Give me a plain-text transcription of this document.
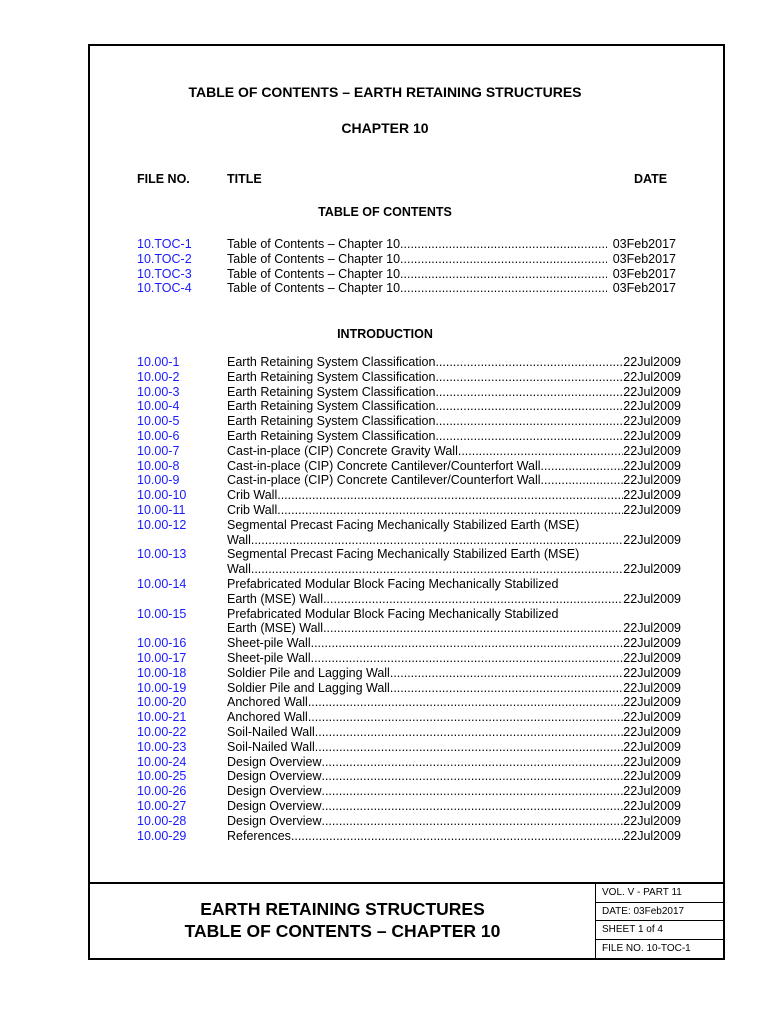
EARTH RETAINING STRUCTURES
TABLE OF CONTENTS – CHAPTER 10
VOL. V - PART 11
DATE: 03Feb2017
SHEET 1 of 4
FILE NO. 10-TOC-1
TABLE OF CONTENTS – EARTH RETAINING STRUCTURES
CHAPTER 10
FILE NO.	TITLE	DATE
TABLE OF CONTENTS
10.TOC-1	Table of Contents – Chapter 10 .....	03Feb2017
10.TOC-2	Table of Contents – Chapter 10 .....	03Feb2017
10.TOC-3	Table of Contents – Chapter 10 .....	03Feb2017
10.TOC-4	Table of Contents – Chapter 10 .....	03Feb2017
INTRODUCTION
10.00-1	Earth Retaining System Classification .....	22Jul2009
10.00-2	Earth Retaining System Classification .....	22Jul2009
10.00-3	Earth Retaining System Classification .....	22Jul2009
10.00-4	Earth Retaining System Classification .....	22Jul2009
10.00-5	Earth Retaining System Classification .....	22Jul2009
10.00-6	Earth Retaining System Classification .....	22Jul2009
10.00-7	Cast-in-place (CIP) Concrete Gravity Wall .....	22Jul2009
10.00-8	Cast-in-place (CIP) Concrete Cantilever/Counterfort Wall .....	22Jul2009
10.00-9	Cast-in-place (CIP) Concrete Cantilever/Counterfort Wall .....	22Jul2009
10.00-10	Crib Wall .....	22Jul2009
10.00-11	Crib Wall .....	22Jul2009
10.00-12	Segmental Precast Facing Mechanically Stabilized Earth (MSE)
Wall .....	22Jul2009
10.00-13	Segmental Precast Facing Mechanically Stabilized Earth (MSE)
Wall .....	22Jul2009
10.00-14	Prefabricated Modular Block Facing Mechanically Stabilized
Earth (MSE) Wall .....	22Jul2009
10.00-15	Prefabricated Modular Block Facing Mechanically Stabilized
Earth (MSE) Wall .....	22Jul2009
10.00-16	Sheet-pile Wall .....	22Jul2009
10.00-17	Sheet-pile Wall .....	22Jul2009
10.00-18	Soldier Pile and Lagging Wall .....	22Jul2009
10.00-19	Soldier Pile and Lagging Wall .....	22Jul2009
10.00-20	Anchored Wall .....	22Jul2009
10.00-21	Anchored Wall .....	22Jul2009
10.00-22	Soil-Nailed Wall .....	22Jul2009
10.00-23	Soil-Nailed Wall .....	22Jul2009
10.00-24	Design Overview .....	22Jul2009
10.00-25	Design Overview .....	22Jul2009
10.00-26	Design Overview .....	22Jul2009
10.00-27	Design Overview .....	22Jul2009
10.00-28	Design Overview .....	22Jul2009
10.00-29	References .....	22Jul2009
